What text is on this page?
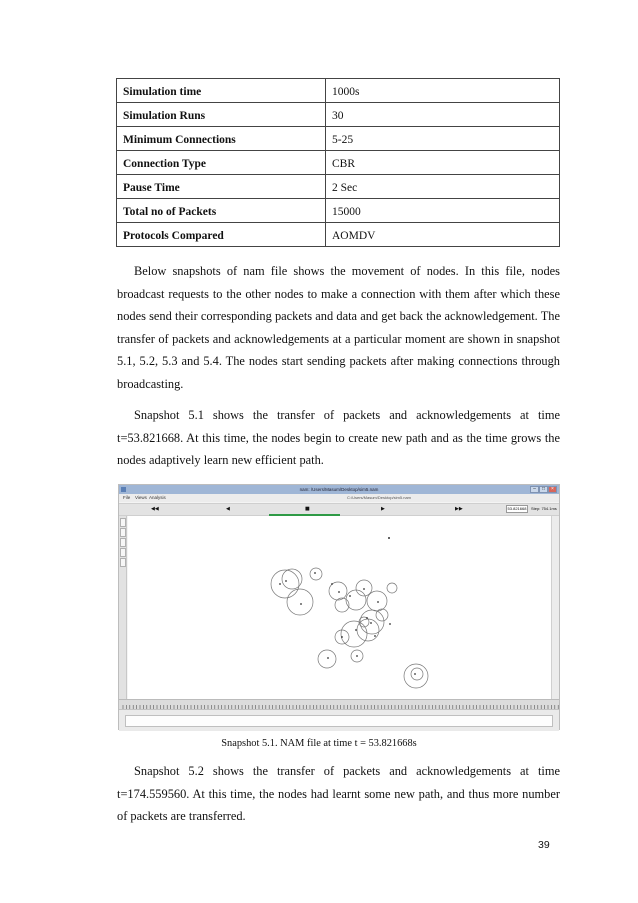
Simulation time	1000s
Simulation Runs	30
Minimum Connections	5-25
Connection Type	CBR
Pause Time	2 Sec
Total no of Packets	15000
Protocols Compared	AOMDV

Below snapshots of nam file shows the movement of nodes. In this file, nodes broadcast requests to the other nodes to make a connection with them after which these nodes send their corresponding packets and data and get back the acknowledgement. The transfer of packets and acknowledgements at a particular moment are shown in snapshot 5.1, 5.2, 5.3 and 5.4. The nodes start sending packets after making connections through broadcasting.

Snapshot 5.1 shows the transfer of packets and acknowledgements at time t=53.821668. At this time, the nodes begin to create new path and as the time grows the nodes adaptively learn new efficient path.

nam: /Users/Masum/Desktop/sim5.nam	–	□	×
File Views Analysis	C:/Users/Masum/Desktop/sim5.nam
◀◀	◀	■	▶	▶▶	53.821668	Step: 754.1ms

Snapshot 5.1. NAM file at time t = 53.821668s

Snapshot 5.2 shows the transfer of packets and acknowledgements at time t=174.559560. At this time, the nodes had learnt some new path, and thus more number of packets are transferred.

39
